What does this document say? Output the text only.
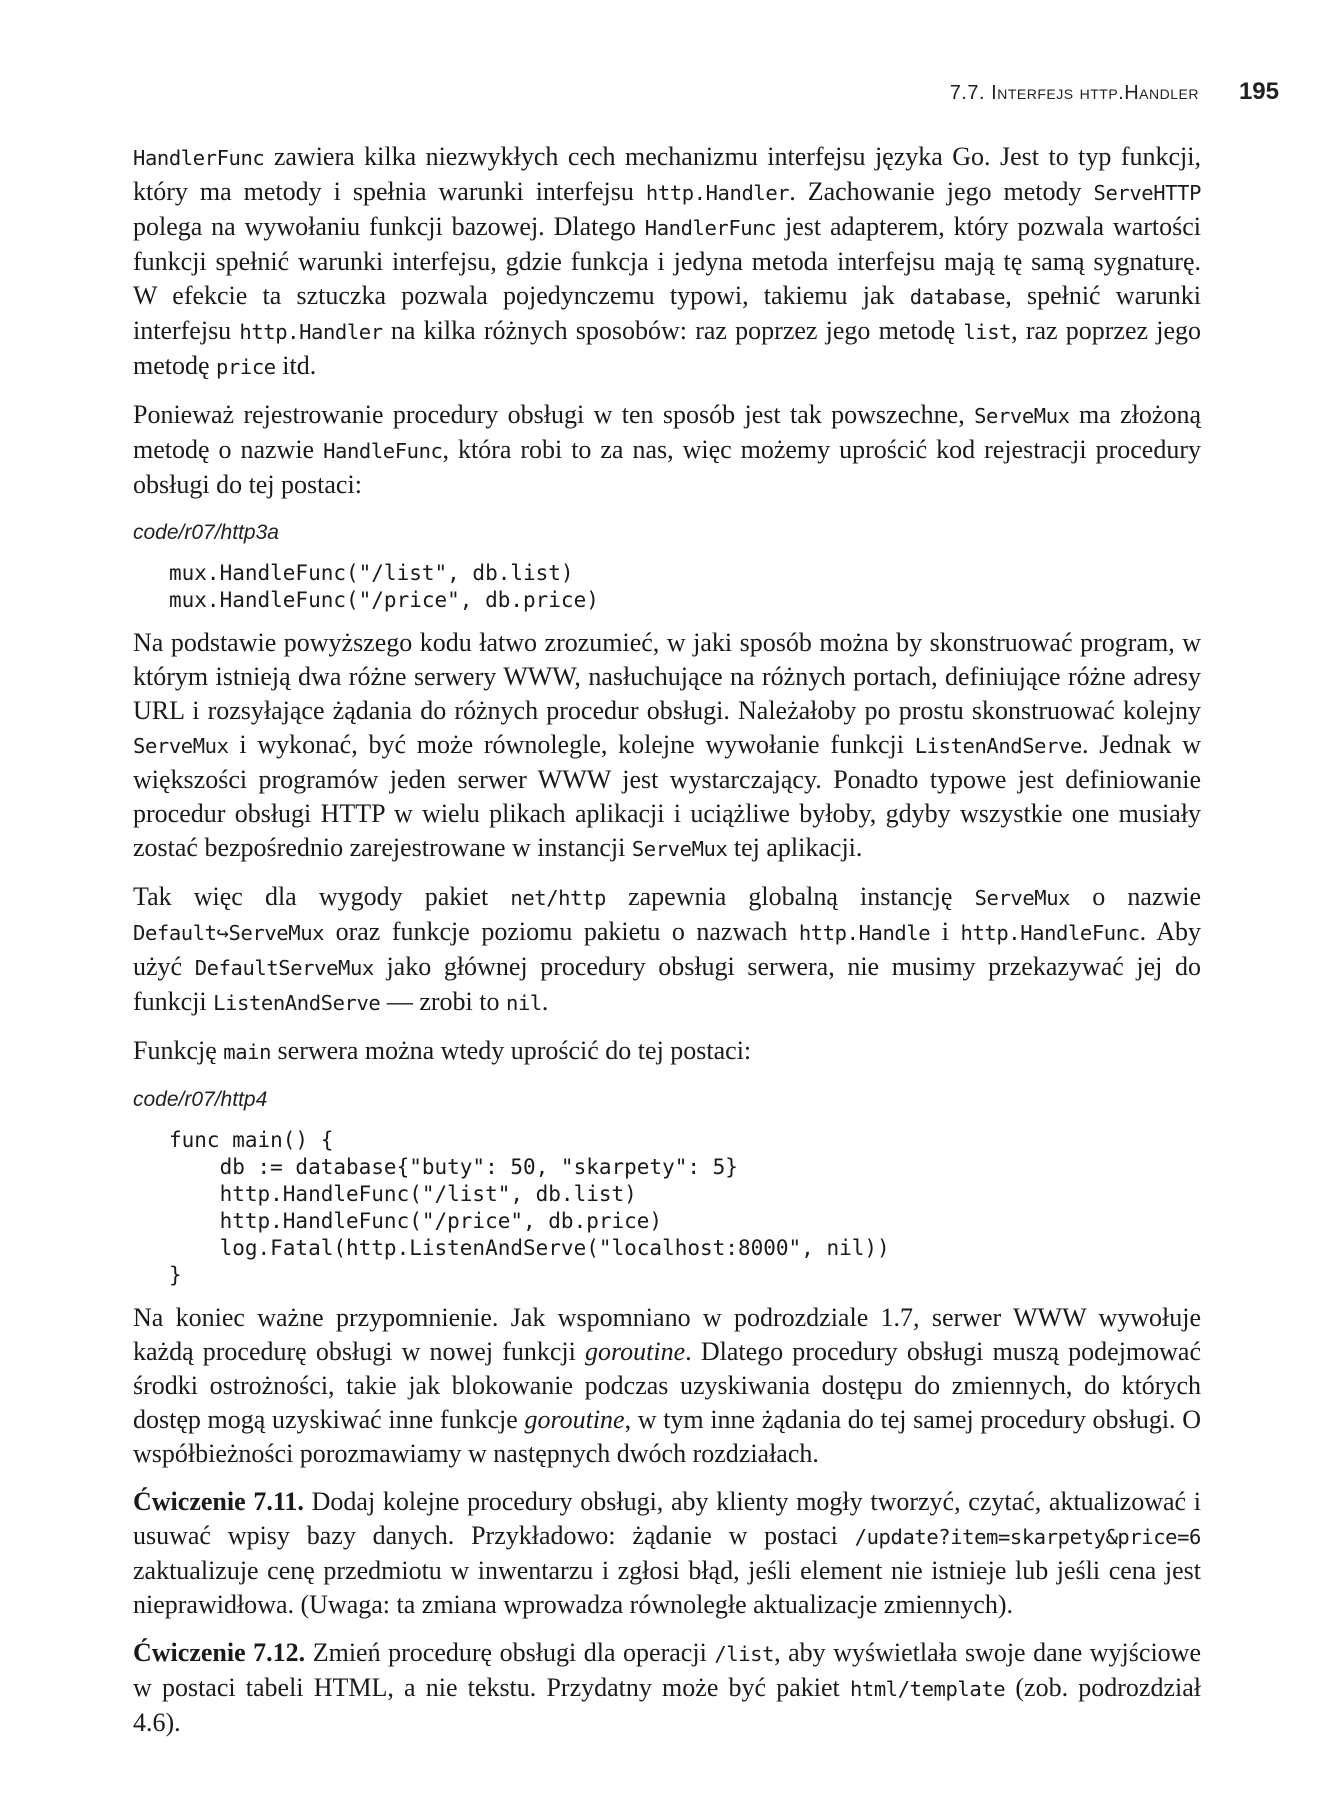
7.7. Interfejs http.Handler 195

HandlerFunc zawiera kilka niezwykłych cech mechanizmu interfejsu języka Go. Jest to typ funkcji, który ma metody i spełnia warunki interfejsu http.Handler. Zachowanie jego metody ServeHTTP polega na wywołaniu funkcji bazowej. Dlatego HandlerFunc jest adapterem, który pozwala wartości funkcji spełnić warunki interfejsu, gdzie funkcja i jedyna metoda interfejsu mają tę samą sygnaturę. W efekcie ta sztuczka pozwala pojedynczemu typowi, takiemu jak database, spełnić warunki interfejsu http.Handler na kilka różnych sposobów: raz poprzez jego metodę list, raz poprzez jego metodę price itd.

Ponieważ rejestrowanie procedury obsługi w ten sposób jest tak powszechne, ServeMux ma złożoną metodę o nazwie HandleFunc, która robi to za nas, więc możemy uprościć kod rejestracji procedury obsługi do tej postaci:

code/r07/http3a
mux.HandleFunc("/list", db.list)
mux.HandleFunc("/price", db.price)

Na podstawie powyższego kodu łatwo zrozumieć, w jaki sposób można by skonstruować program, w którym istnieją dwa różne serwery WWW, nasłuchujące na różnych portach, definiujące różne adresy URL i rozsyłające żądania do różnych procedur obsługi. Należałoby po prostu skonstruować kolejny ServeMux i wykonać, być może równolegle, kolejne wywołanie funkcji ListenAndServe. Jednak w większości programów jeden serwer WWW jest wystarczający. Ponadto typowe jest definiowanie procedur obsługi HTTP w wielu plikach aplikacji i uciążliwe byłoby, gdyby wszystkie one musiały zostać bezpośrednio zarejestrowane w instancji ServeMux tej aplikacji.

Tak więc dla wygody pakiet net/http zapewnia globalną instancję ServeMux o nazwie Default↪ServeMux oraz funkcje poziomu pakietu o nazwach http.Handle i http.HandleFunc. Aby użyć DefaultServeMux jako głównej procedury obsługi serwera, nie musimy przekazywać jej do funkcji ListenAndServe — zrobi to nil.

Funkcję main serwera można wtedy uprościć do tej postaci:

code/r07/http4
func main() {
db := database{"buty": 50, "skarpety": 5}
http.HandleFunc("/list", db.list)
http.HandleFunc("/price", db.price)
log.Fatal(http.ListenAndServe("localhost:8000", nil))
}

Na koniec ważne przypomnienie. Jak wspomniano w podrozdziale 1.7, serwer WWW wywołuje każdą procedurę obsługi w nowej funkcji goroutine. Dlatego procedury obsługi muszą podejmować środki ostrożności, takie jak blokowanie podczas uzyskiwania dostępu do zmiennych, do których dostęp mogą uzyskiwać inne funkcje goroutine, w tym inne żądania do tej samej procedury obsługi. O współbieżności porozmawiamy w następnych dwóch rozdziałach.

Ćwiczenie 7.11. Dodaj kolejne procedury obsługi, aby klienty mogły tworzyć, czytać, aktualizować i usuwać wpisy bazy danych. Przykładowo: żądanie w postaci /update?item=skarpety&price=6 zaktualizuje cenę przedmiotu w inwentarzu i zgłosi błąd, jeśli element nie istnieje lub jeśli cena jest nieprawidłowa. (Uwaga: ta zmiana wprowadza równoległe aktualizacje zmiennych).

Ćwiczenie 7.12. Zmień procedurę obsługi dla operacji /list, aby wyświetlała swoje dane wyjściowe w postaci tabeli HTML, a nie tekstu. Przydatny może być pakiet html/template (zob. podrozdział 4.6).
